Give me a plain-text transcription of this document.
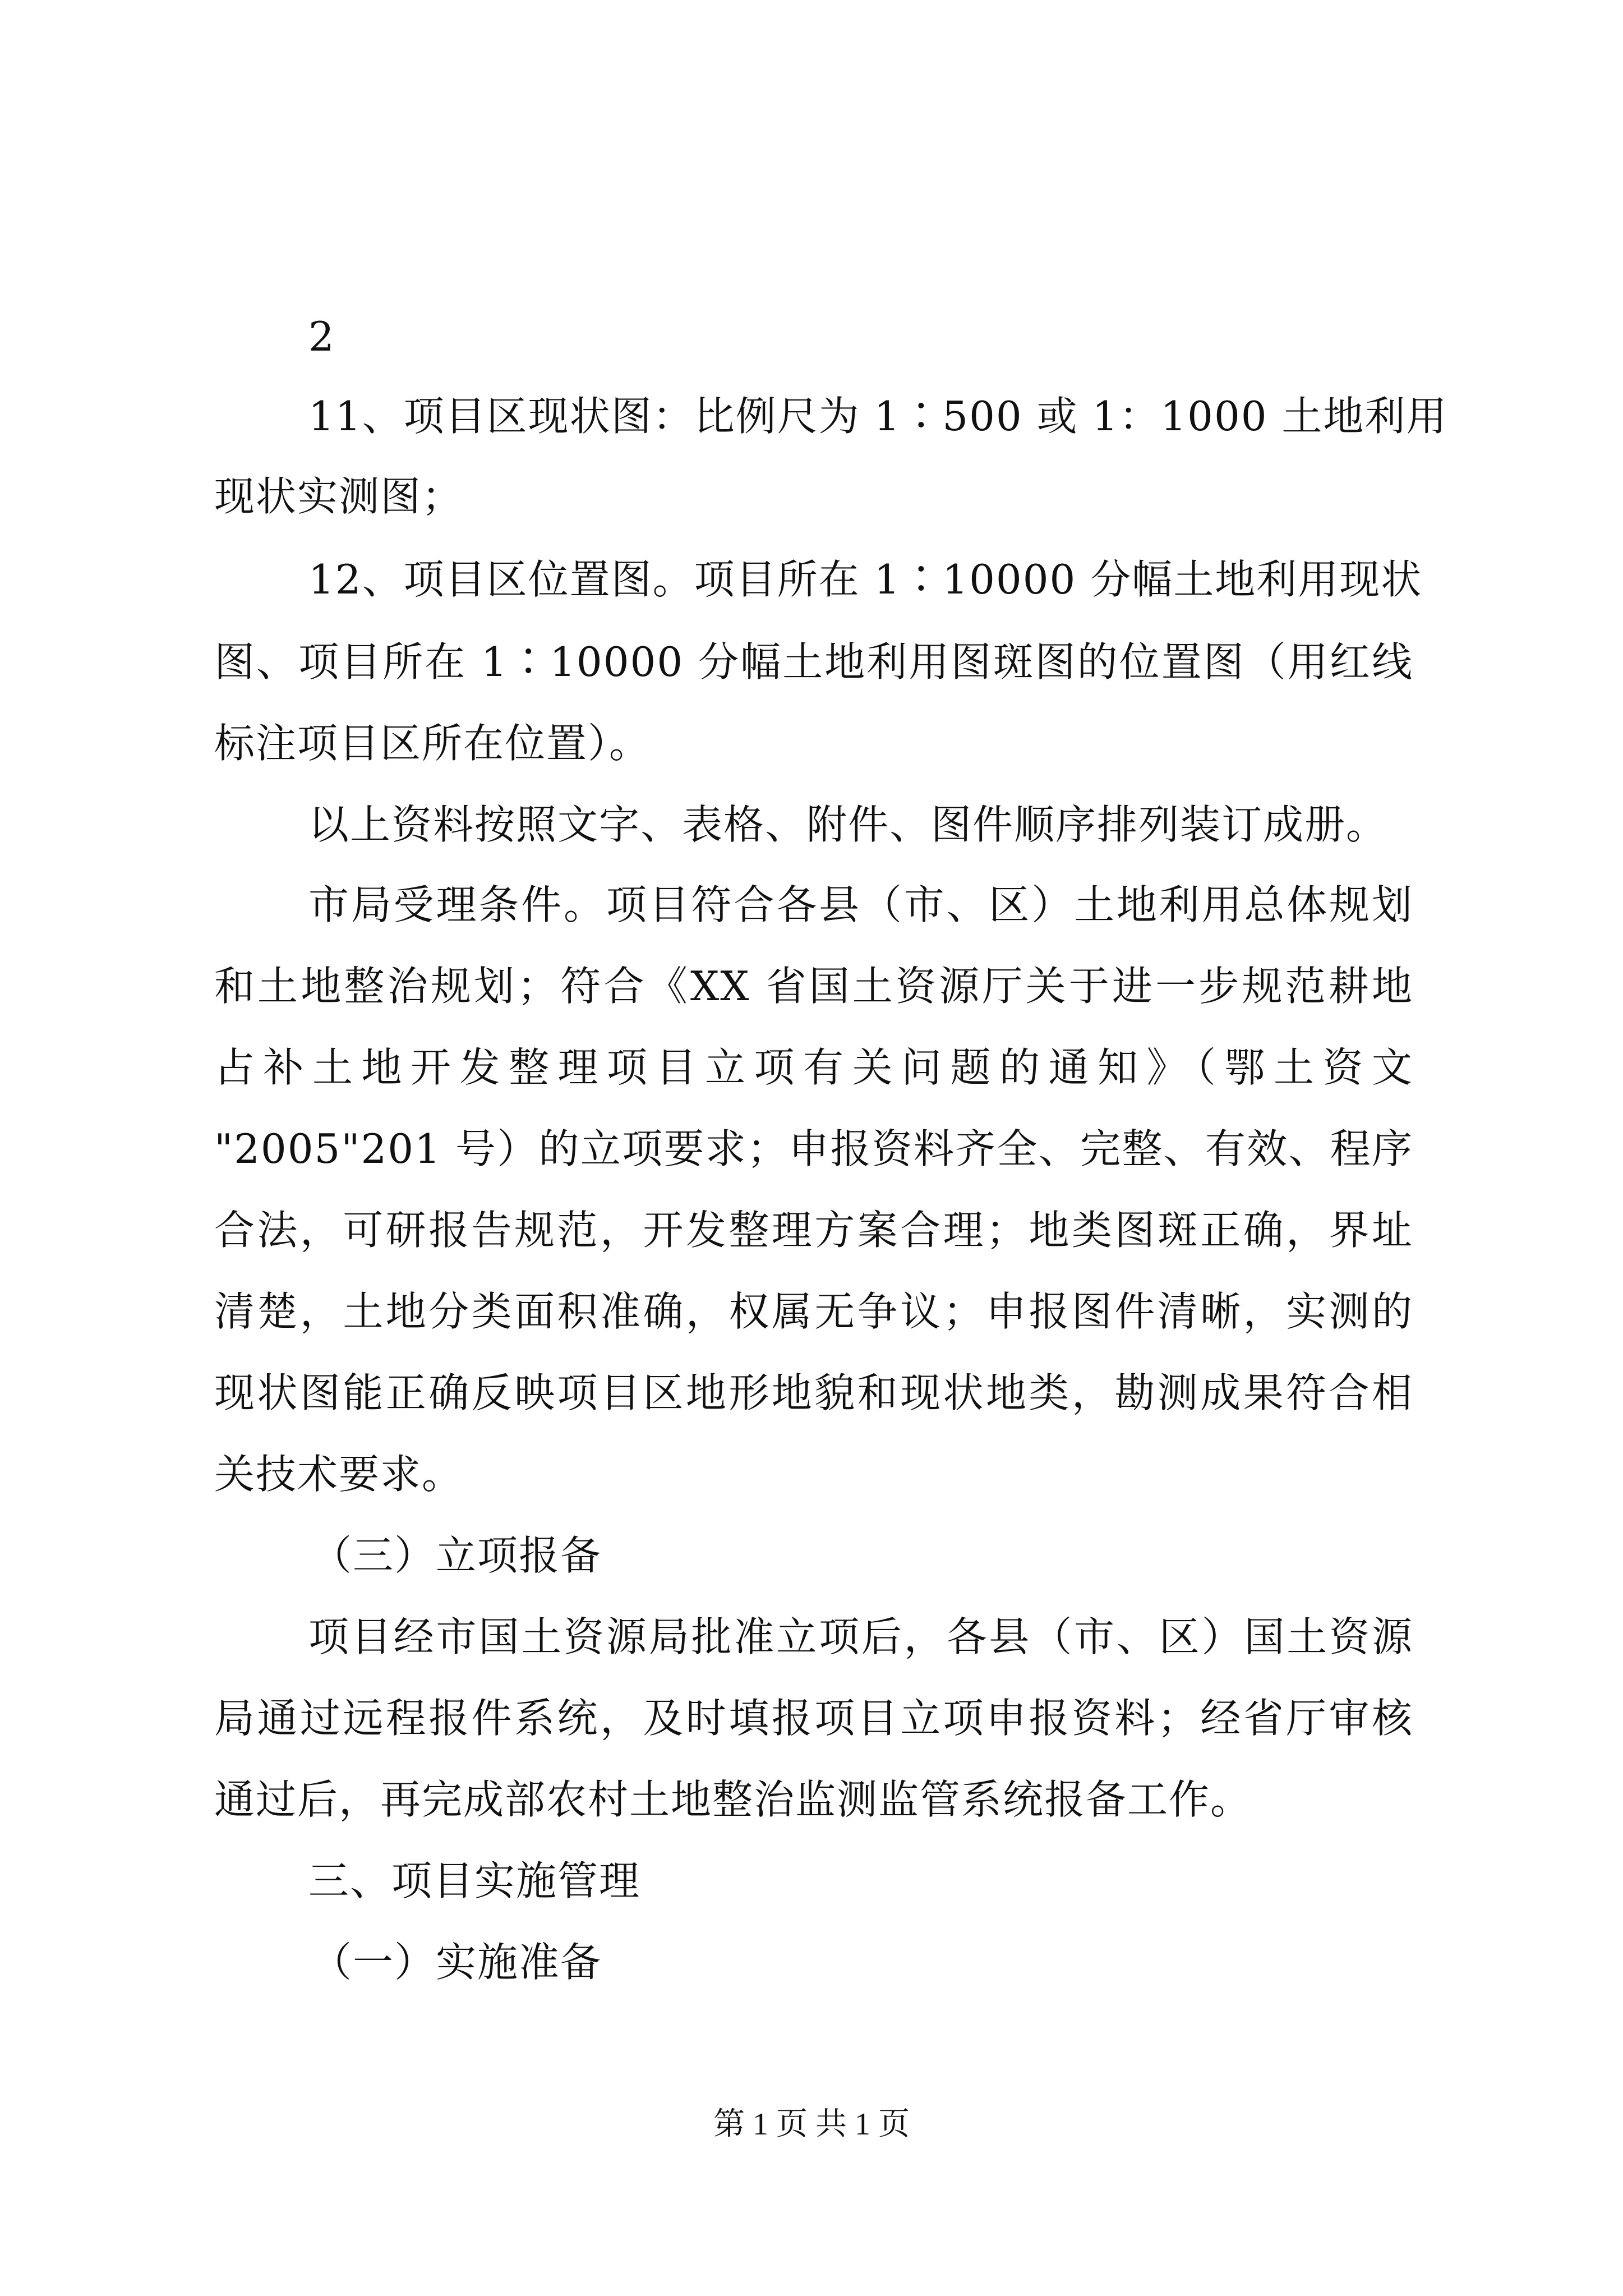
2
11、项目区现状图：比例尺为 1∶500 或 1：1000 土地利用
现状实测图；
12、项目区位置图。项目所在 1∶10000 分幅土地利用现状
图、项目所在 1∶10000 分幅土地利用图斑图的位置图（用红线
标注项目区所在位置）。
以上资料按照文字、表格、附件、图件顺序排列装订成册。
市局受理条件。项目符合各县（市、区）土地利用总体规划
和土地整治规划；符合《XX 省国土资源厅关于进一步规范耕地
占补土地开发整理项目立项有关问题的通知》（鄂土资文
"2005"201 号）的立项要求；申报资料齐全、完整、有效、程序
合法，可研报告规范，开发整理方案合理；地类图斑正确，界址
清楚，土地分类面积准确，权属无争议；申报图件清晰，实测的
现状图能正确反映项目区地形地貌和现状地类，勘测成果符合相
关技术要求。
（三）立项报备
项目经市国土资源局批准立项后，各县（市、区）国土资源
局通过远程报件系统，及时填报项目立项申报资料；经省厅审核
通过后，再完成部农村土地整治监测监管系统报备工作。
三、项目实施管理
（一）实施准备
第 1 页 共 1 页
